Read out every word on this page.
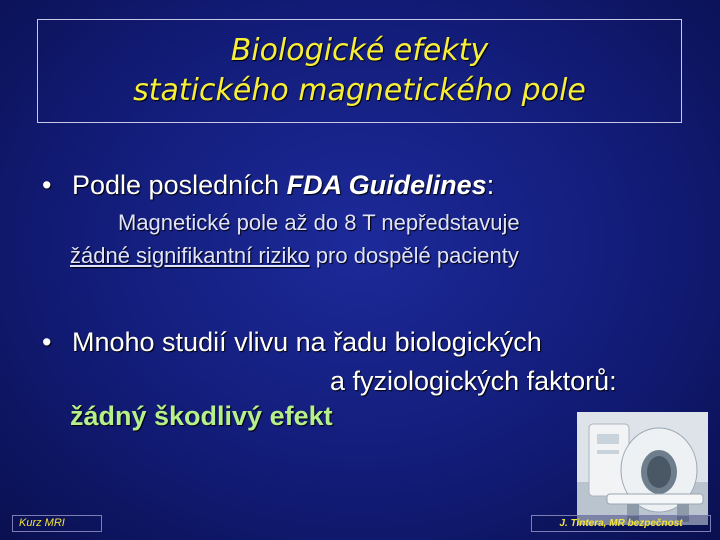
Biologické efekty
statického magnetického pole
• Podle posledních FDA Guidelines:
Magnetické pole až do 8 T nepředstavuje
žádné signifikantní riziko pro dospělé pacienty
• Mnoho studií vlivu na řadu biologických
a fyziologických faktorů:
žádný škodlivý efekt
Kurz MRI	J. Tintera, MR bezpečnost
